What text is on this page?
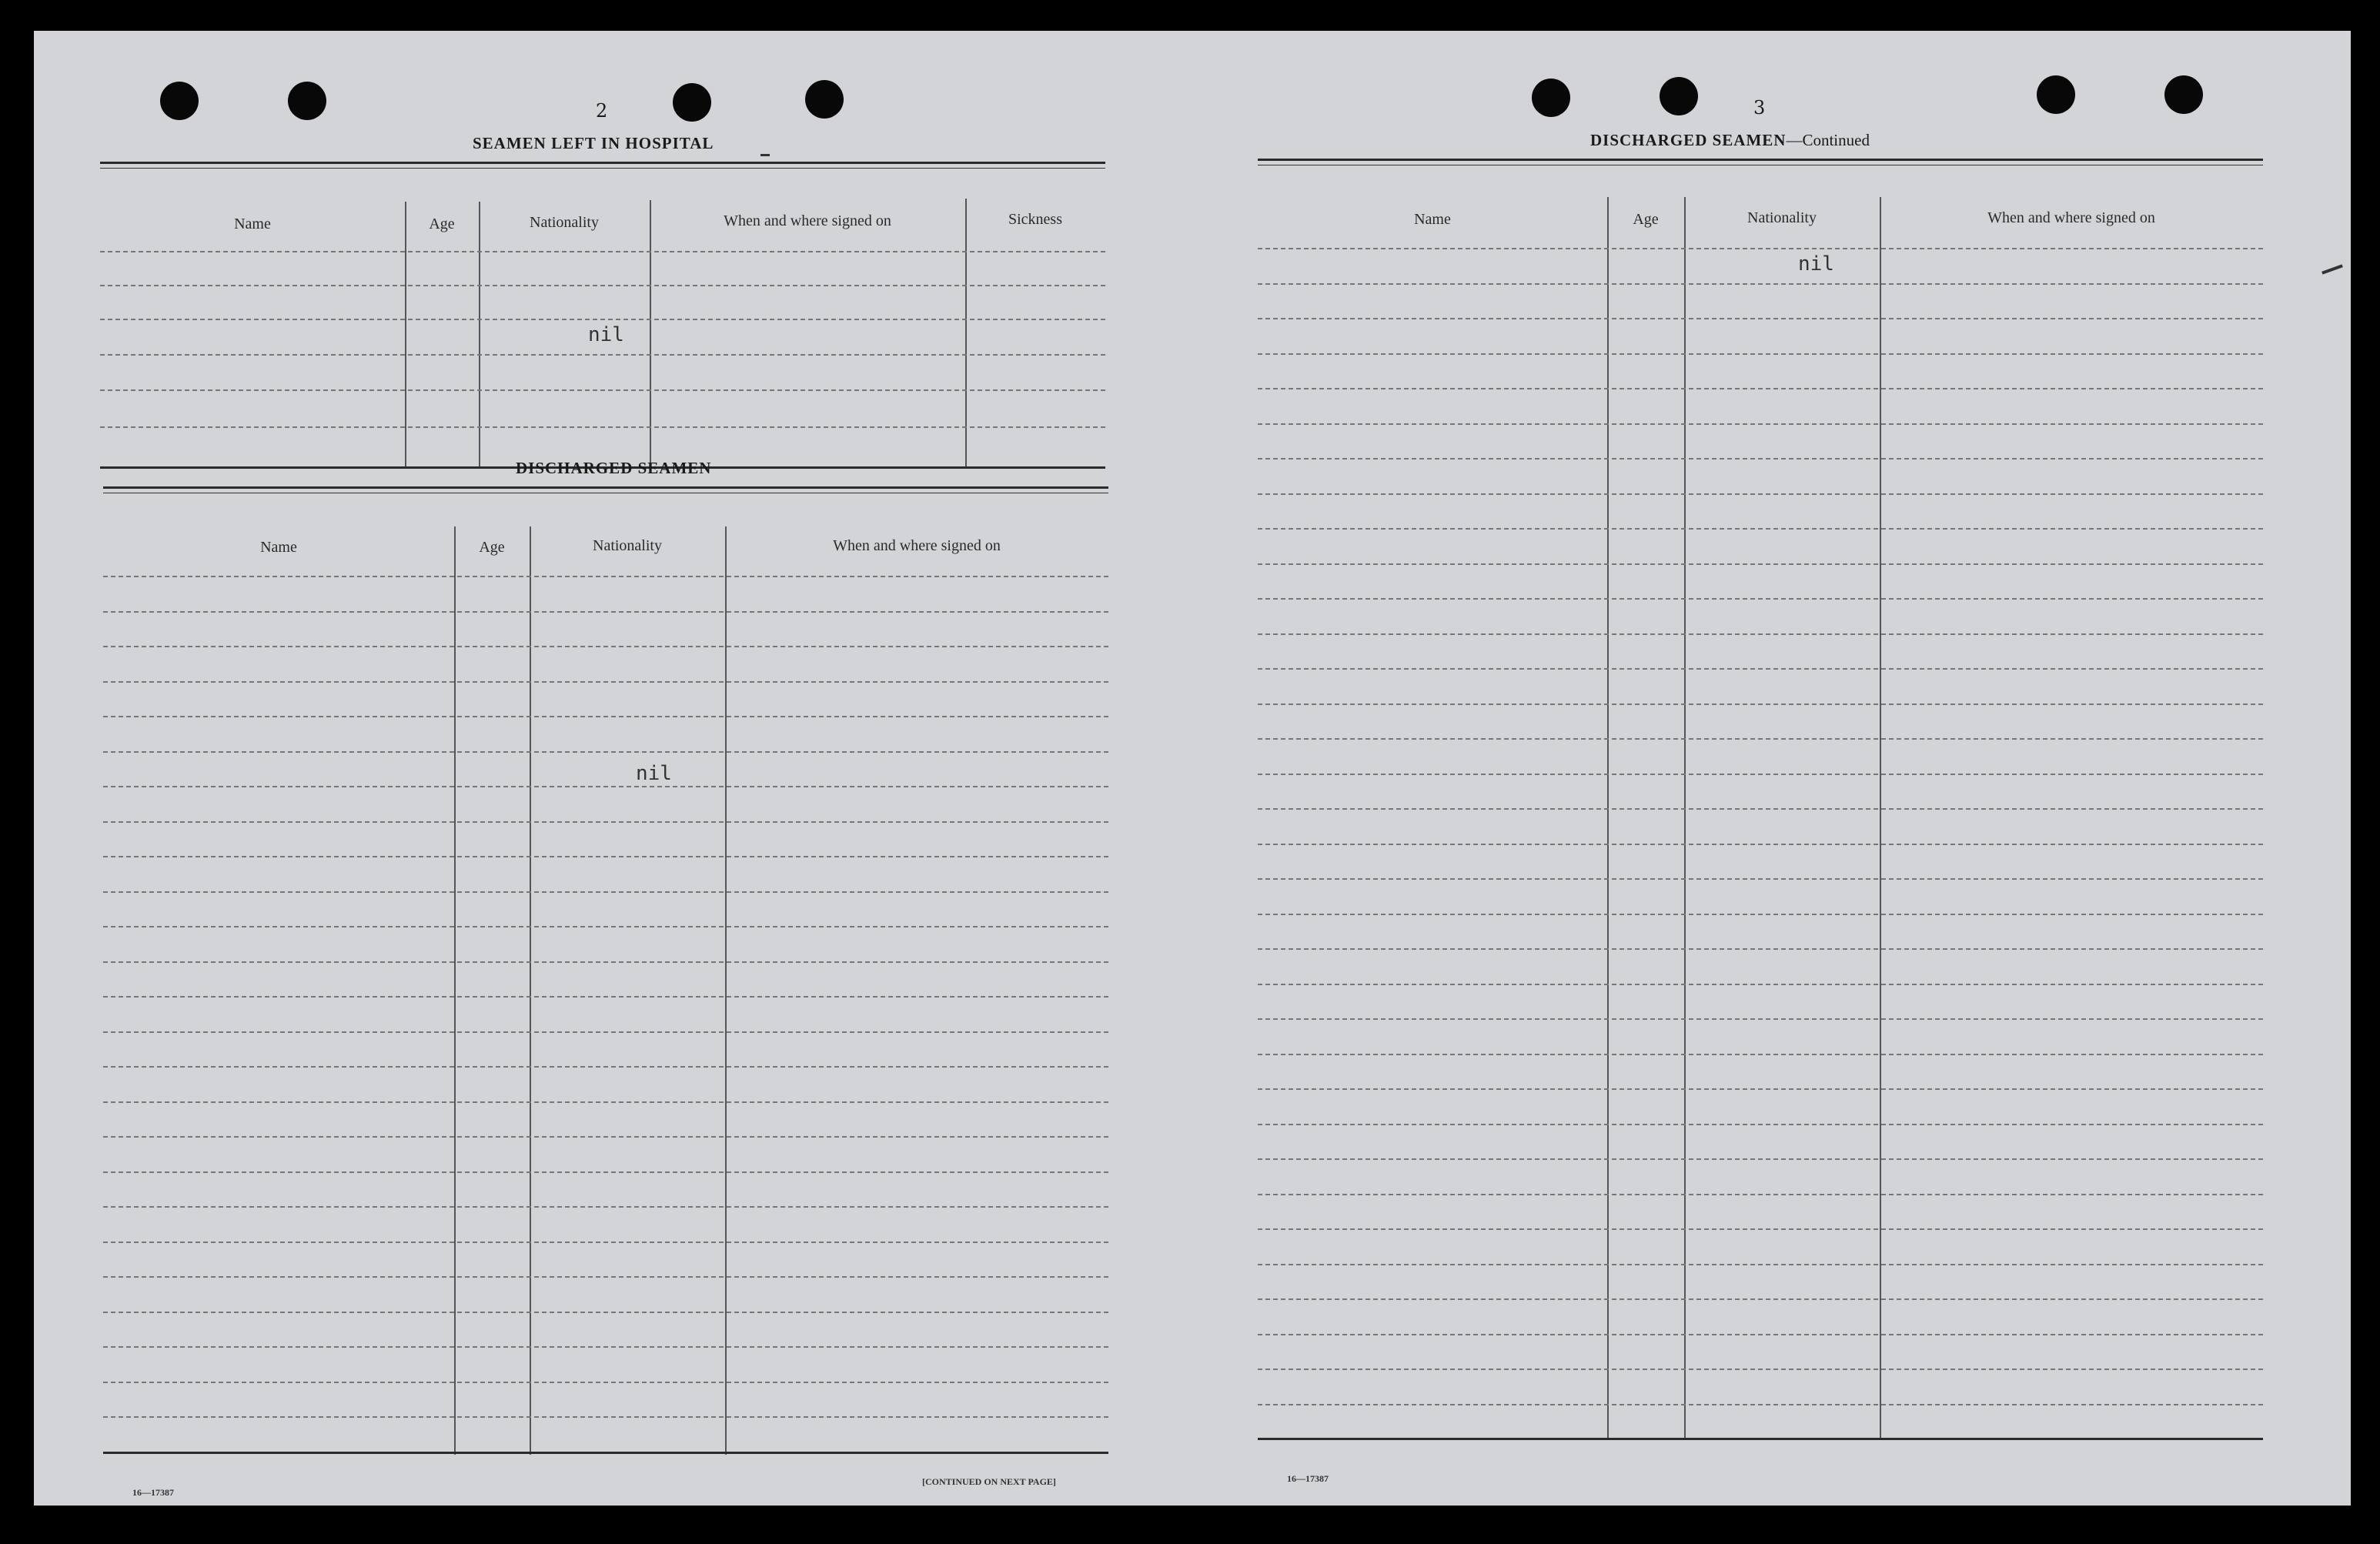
2
SEAMEN LEFT IN HOSPITAL
Name	Age	Nationality	When and where signed on	Sickness
nil
DISCHARGED SEAMEN
Name	Age	Nationality	When and where signed on
nil
16—17387
[CONTINUED ON NEXT PAGE]
3
DISCHARGED SEAMEN—Continued
Name	Age	Nationality	When and where signed on
nil
16—17387
